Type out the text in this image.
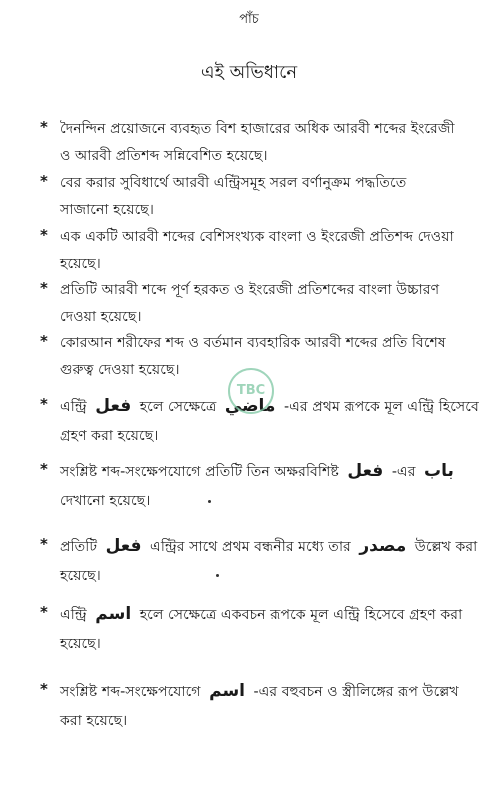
পাঁচ
এই অভিধানে
* দৈনন্দিন প্রয়োজনে ব্যবহৃত বিশ হাজারের অধিক আরবী শব্দের ইংরেজী
ও আরবী প্রতিশব্দ সন্নিবেশিত হয়েছে।
* বের করার সুবিধার্থে আরবী এন্ট্রিসমূহ সরল বর্ণানুক্রম পদ্ধতিতে
সাজানো হয়েছে।
* এক একটি আরবী শব্দের বেশিসংখ্যক বাংলা ও ইংরেজী প্রতিশব্দ দেওয়া
হয়েছে।
* প্রতিটি আরবী শব্দে পূর্ণ হরকত ও ইংরেজী প্রতিশব্দের বাংলা উচ্চারণ
দেওয়া হয়েছে।
* কোরআন শরীফের শব্দ ও বর্তমান ব্যবহারিক আরবী শব্দের প্রতি বিশেষ
গুরুত্ব দেওয়া হয়েছে।
* এন্ট্রি فعل হলে সেক্ষেত্রে ماضي -এর প্রথম রূপকে মূল এন্ট্রি হিসেবে
গ্রহণ করা হয়েছে।
* সংশ্লিষ্ট শব্দ-সংক্ষেপযোগে প্রতিটি তিন অক্ষরবিশিষ্ট فعل -এর باب
দেখানো হয়েছে।
* প্রতিটি فعل এন্ট্রির সাথে প্রথম বন্ধনীর মধ্যে তার مصدر উল্লেখ করা
হয়েছে।
* এন্ট্রি اسم হলে সেক্ষেত্রে একবচন রূপকে মূল এন্ট্রি হিসেবে গ্রহণ করা
হয়েছে।
* সংশ্লিষ্ট শব্দ-সংক্ষেপযোগে اسم -এর বহুবচন ও স্ত্রীলিঙ্গের রূপ উল্লেখ
করা হয়েছে।
TBC
